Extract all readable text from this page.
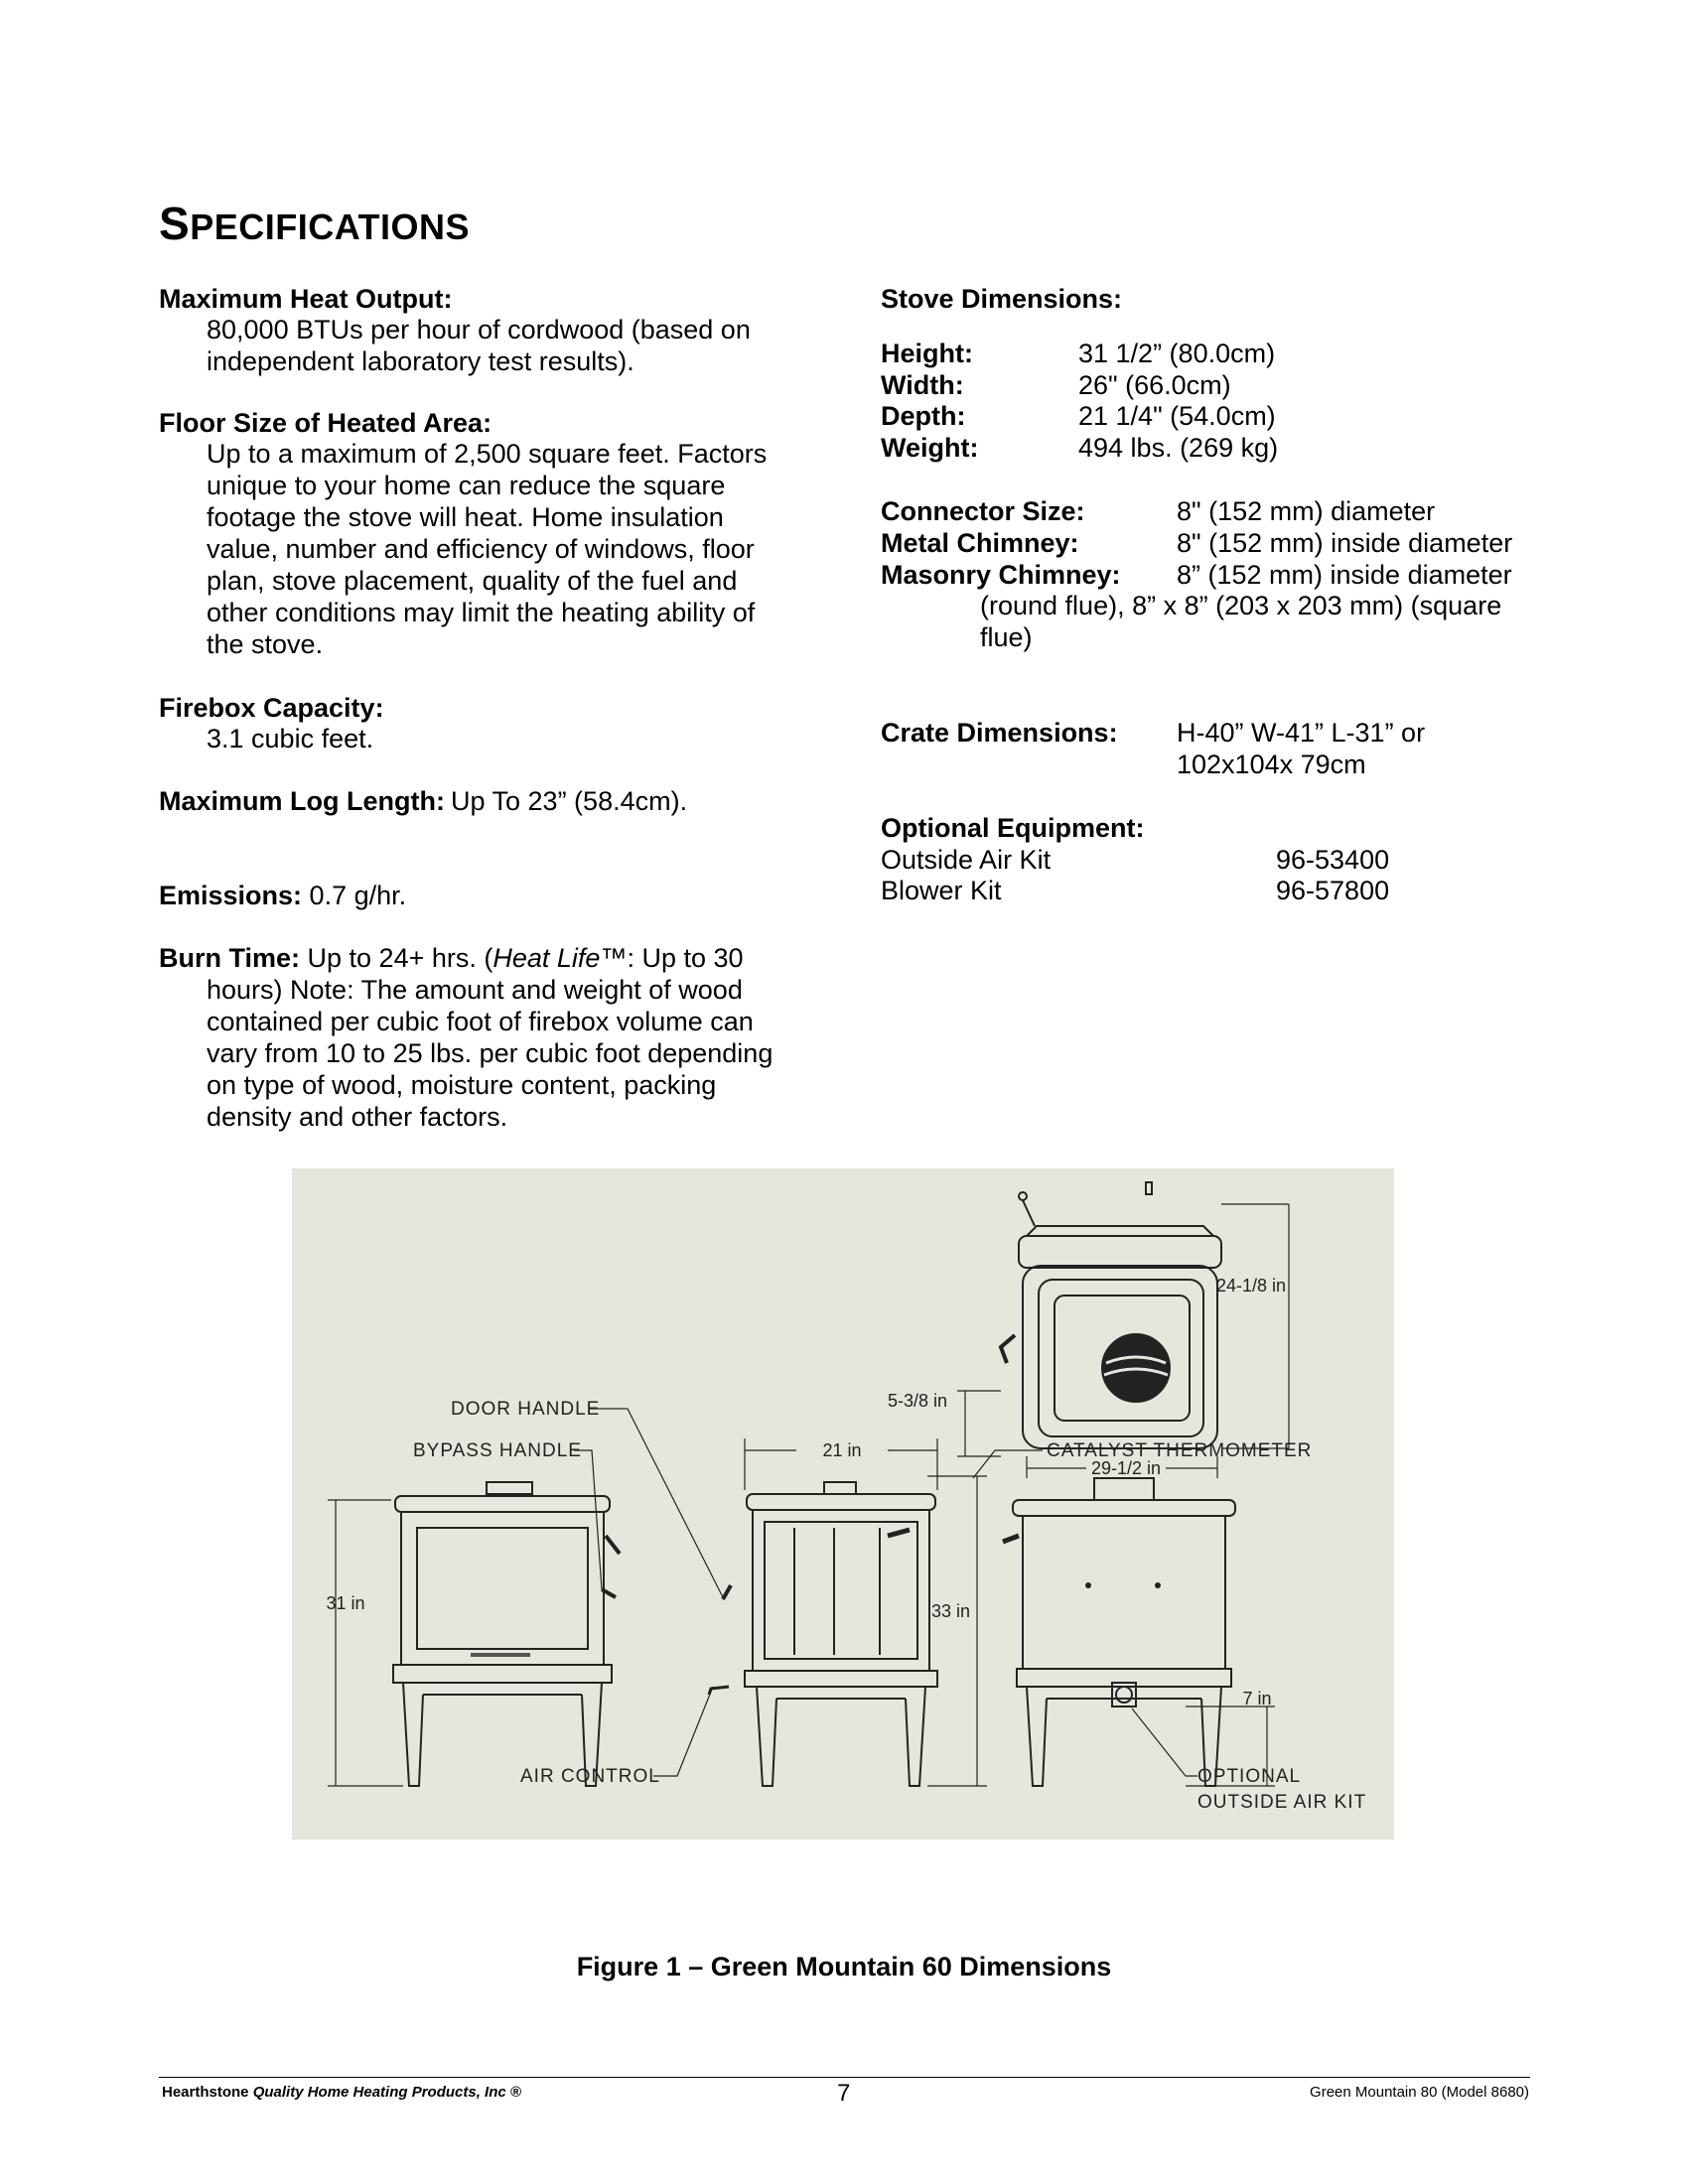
SPECIFICATIONS
Maximum Heat Output:
80,000 BTUs per hour of cordwood (based on
independent laboratory test results).
Floor Size of Heated Area:
Up to a maximum of 2,500 square feet. Factors
unique to your home can reduce the square
footage the stove will heat. Home insulation
value, number and efficiency of windows, floor
plan, stove placement, quality of the fuel and
other conditions may limit the heating ability of
the stove.
Firebox Capacity:
3.1 cubic feet.
Maximum Log Length: Up To 23” (58.4cm).
Emissions: 0.7 g/hr.
Burn Time: Up to 24+ hrs. (Heat Life™: Up to 30
hours) Note: The amount and weight of wood
contained per cubic foot of firebox volume can
vary from 10 to 25 lbs. per cubic foot depending
on type of wood, moisture content, packing
density and other factors.
Stove Dimensions:
Height:	31 1/2” (80.0cm)
Width:	26" (66.0cm)
Depth:	21 1/4" (54.0cm)
Weight:	494 lbs. (269 kg)
Connector Size:	8" (152 mm) diameter
Metal Chimney:	8" (152 mm) inside diameter
Masonry Chimney: 8” (152 mm) inside diameter
(round flue), 8” x 8” (203 x 203 mm) (square
flue)
Crate Dimensions: H-40” W-41” L-31” or
102x104x 79cm
Optional Equipment:
Outside Air Kit	96-53400
Blower Kit	96-57800
24-1/8 in
5-3/8 in
29-1/2 in
31 in
21 in
33 in
7 in
DOOR HANDLE
BYPASS HANDLE
AIR CONTROL
CATALYST THERMOMETER
OPTIONAL
OUTSIDE AIR KIT
Figure 1 – Green Mountain 60 Dimensions
Hearthstone Quality Home Heating Products, Inc ®	7	Green Mountain 80 (Model 8680)
